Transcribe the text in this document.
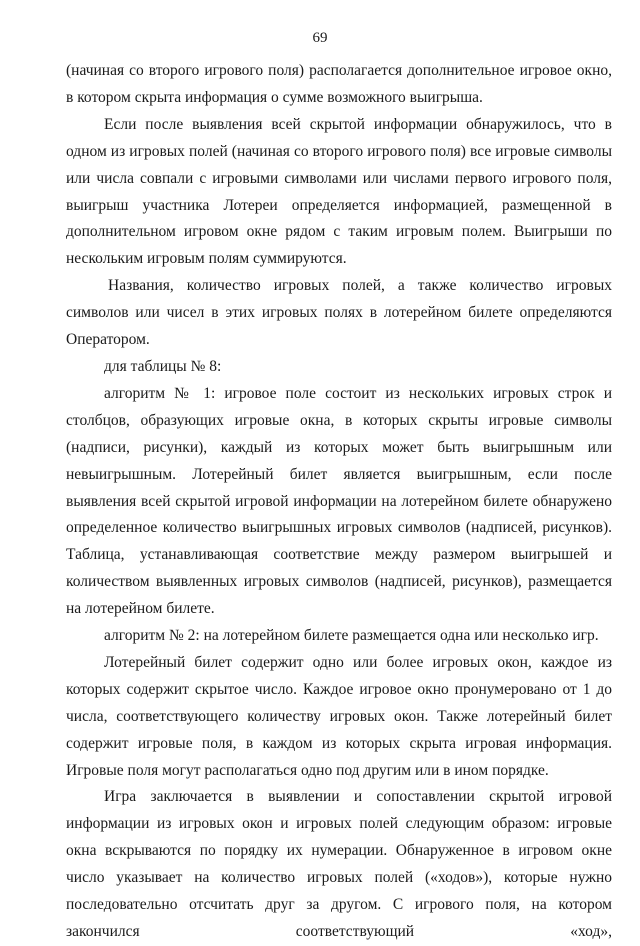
69

(начиная со второго игрового поля) располагается дополнительное игровое окно, в котором скрыта информация о сумме возможного выигрыша.

Если после выявления всей скрытой информации обнаружилось, что в одном из игровых полей (начиная со второго игрового поля) все игровые символы или числа совпали с игровыми символами или числами первого игрового поля, выигрыш участника Лотереи определяется информацией, размещенной в дополнительном игровом окне рядом с таким игровым полем. Выигрыши по нескольким игровым полям суммируются.

Названия, количество игровых полей, а также количество игровых символов или чисел в этих игровых полях в лотерейном билете определяются Оператором.

для таблицы № 8:

алгоритм № 1: игровое поле состоит из нескольких игровых строк и столбцов, образующих игровые окна, в которых скрыты игровые символы (надписи, рисунки), каждый из которых может быть выигрышным или невыигрышным. Лотерейный билет является выигрышным, если после выявления всей скрытой игровой информации на лотерейном билете обнаружено определенное количество выигрышных игровых символов (надписей, рисунков). Таблица, устанавливающая соответствие между размером выигрышей и количеством выявленных игровых символов (надписей, рисунков), размещается на лотерейном билете.

алгоритм № 2: на лотерейном билете размещается одна или несколько игр.

Лотерейный билет содержит одно или более игровых окон, каждое из которых содержит скрытое число. Каждое игровое окно пронумеровано от 1 до числа, соответствующего количеству игровых окон. Также лотерейный билет содержит игровые поля, в каждом из которых скрыта игровая информация. Игровые поля могут располагаться одно под другим или в ином порядке.

Игра заключается в выявлении и сопоставлении скрытой игровой информации из игровых окон и игровых полей следующим образом: игровые окна вскрываются по порядку их нумерации. Обнаруженное в игровом окне число указывает на количество игровых полей («ходов»), которые нужно последовательно отсчитать друг за другом. С игрового поля, на котором закончился соответствующий «ход»,
